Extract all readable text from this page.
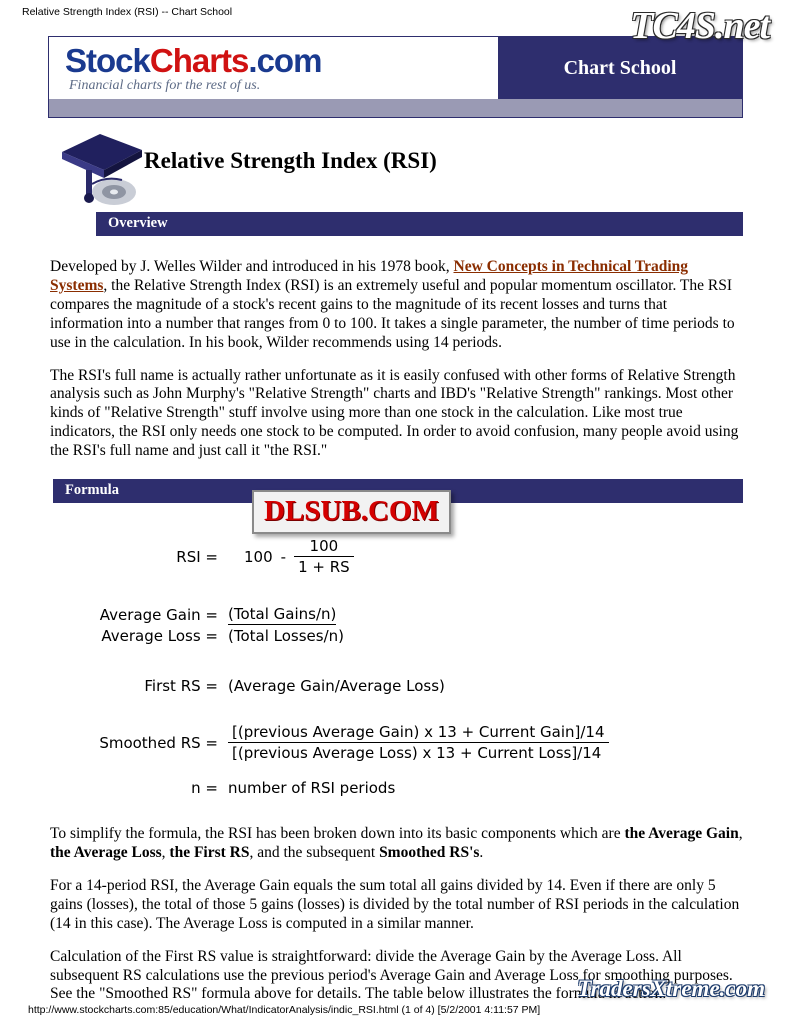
Relative Strength Index (RSI) -- Chart School
http://www.stockcharts.com:85/education/What/IndicatorAnalysis/indic_RSI.html (1 of 4) [5/2/2001 4:11:57 PM]
TC4S.net
DLSUB.COM
TradersXtreme.com
StockCharts.com
Financial charts for the rest of us.
Chart School
Relative Strength Index (RSI)
Overview

Developed by J. Welles Wilder and introduced in his 1978 book, New Concepts in Technical Trading Systems, the Relative Strength Index (RSI) is an extremely useful and popular momentum oscillator. The RSI compares the magnitude of a stock's recent gains to the magnitude of its recent losses and turns that information into a number that ranges from 0 to 100. It takes a single parameter, the number of time periods to use in the calculation. In his book, Wilder recommends using 14 periods.

The RSI's full name is actually rather unfortunate as it is easily confused with other forms of Relative Strength analysis such as John Murphy's "Relative Strength" charts and IBD's "Relative Strength" rankings. Most other kinds of "Relative Strength" stuff involve using more than one stock in the calculation. Like most true indicators, the RSI only needs one stock to be computed. In order to avoid confusion, many people avoid using the RSI's full name and just call it "the RSI."

Formula
RSI = $100 - \frac{100}{1 + RS}$
Average Gain = (Total Gains/n)
Average Loss = (Total Losses/n)
First RS = (Average Gain/Average Loss)
Smoothed RS = $\frac{\text{[(previous Average Gain) x 13 + Current Gain]/14}}{\text{[(previous Average Loss) x 13 + Current Loss]/14}}$
n = number of RSI periods

To simplify the formula, the RSI has been broken down into its basic components which are the Average Gain, the Average Loss, the First RS, and the subsequent Smoothed RS's.

For a 14-period RSI, the Average Gain equals the sum total all gains divided by 14. Even if there are only 5 gains (losses), the total of those 5 gains (losses) is divided by the total number of RSI periods in the calculation (14 in this case). The Average Loss is computed in a similar manner.

Calculation of the First RS value is straightforward: divide the Average Gain by the Average Loss. All subsequent RS calculations use the previous period's Average Gain and Average Loss for smoothing purposes. See the "Smoothed RS" formula above for details. The table below illustrates the formula in action.
